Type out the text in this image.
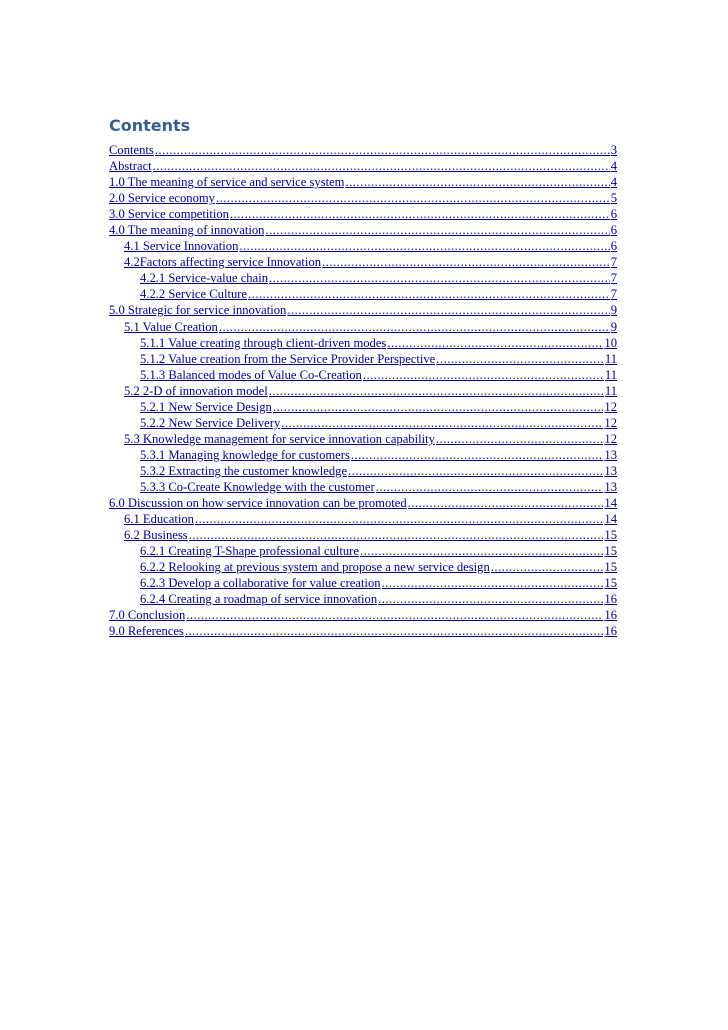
Contents
Contents .....	3
Abstract .....	4
1.0 The meaning of service and service system .....	4
2.0 Service economy .....	5
3.0 Service competition .....	6
4.0 The meaning of innovation .....	6
4.1 Service Innovation .....	6
4.2Factors affecting service Innovation .....	7
4.2.1 Service-value chain .....	7
4.2.2 Service Culture .....	7
5.0 Strategic for service innovation .....	9
5.1 Value Creation .....	9
5.1.1 Value creating through client-driven modes .....	10
5.1.2 Value creation from the Service Provider Perspective .....	11
5.1.3 Balanced modes of Value Co-Creation .....	11
5.2 2-D of innovation model .....	11
5.2.1 New Service Design .....	12
5.2.2 New Service Delivery .....	12
5.3 Knowledge management for service innovation capability .....	12
5.3.1 Managing knowledge for customers .....	13
5.3.2 Extracting the customer knowledge .....	13
5.3.3 Co-Create Knowledge with the customer .....	13
6.0 Discussion on how service innovation can be promoted .....	14
6.1 Education .....	14
6.2 Business .....	15
6.2.1 Creating T-Shape professional culture .....	15
6.2.2 Relooking at previous system and propose a new service design .....	15
6.2.3 Develop a collaborative for value creation .....	15
6.2.4 Creating a roadmap of service innovation .....	16
7.0 Conclusion .....	16
9.0 References .....	16
